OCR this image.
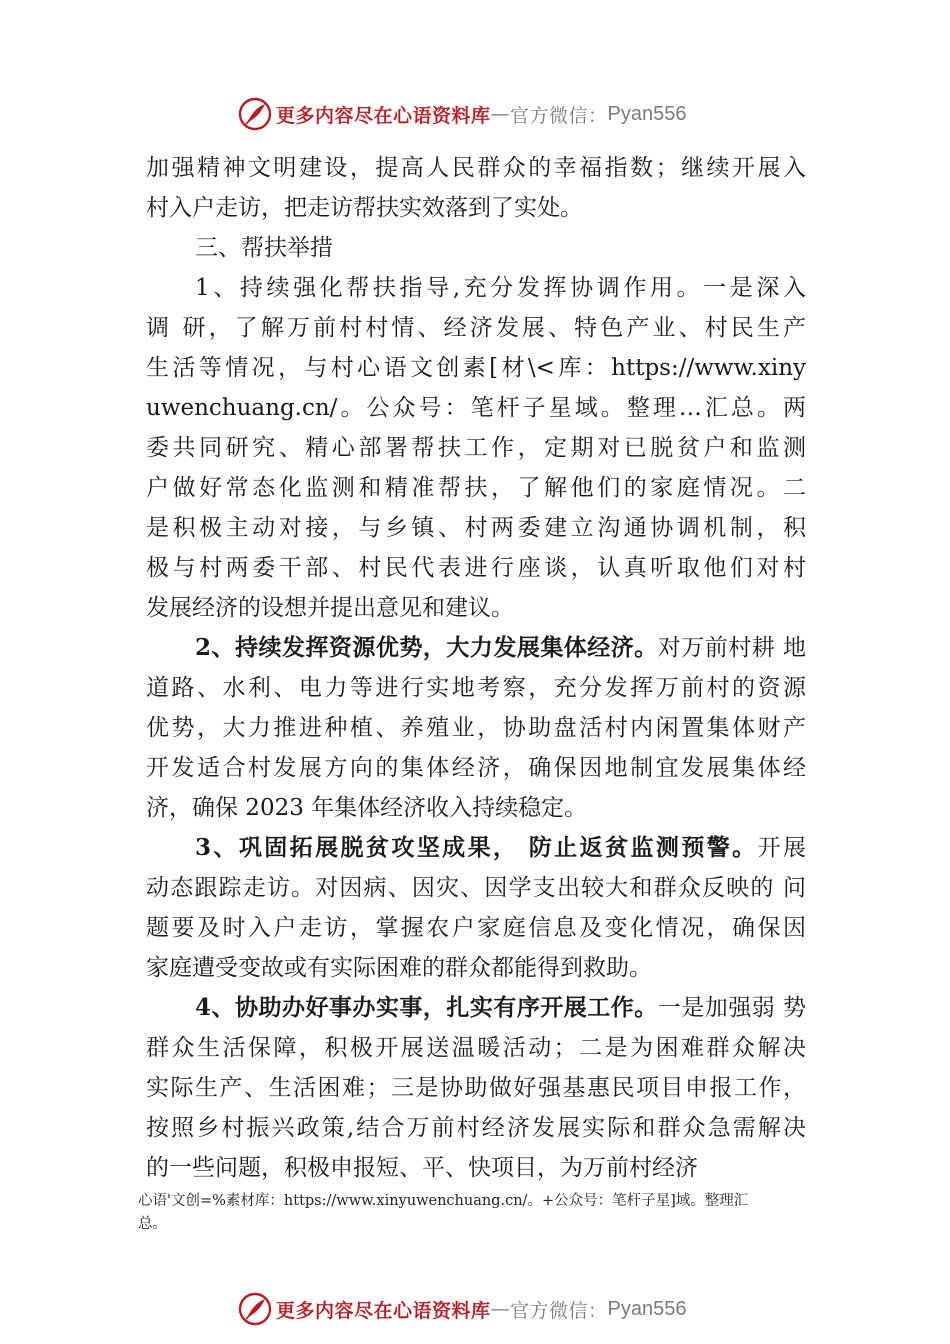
更多内容尽在心语资料库 — 官方微信： Pyan556
加强精神文明建设，提高人民群众的幸福指数；继续开展入
村入户走访，把走访帮扶实效落到了实处。
三、帮扶举措
1、持续强化帮扶指导,充分发挥协调作用。一是深入
调 研，了解万前村村情、经济发展、特色产业、村民生产
生活等情况，与村心语文创素[材\<库：https://www.xiny
uwenchuang.cn/。公众号：笔杆子星域。整理…汇总。两
委共同研究、精心部署帮扶工作，定期对已脱贫户和监测
户做好常态化监测和精准帮扶，了解他们的家庭情况。二
是积极主动对接，与乡镇、村两委建立沟通协调机制，积
极与村两委干部、村民代表进行座谈，认真听取他们对村
发展经济的设想并提出意见和建议。
2、持续发挥资源优势，大力发展集体经济。对万前村耕 地
道路、水利、电力等进行实地考察，充分发挥万前村的资源
优势，大力推进种植、养殖业，协助盘活村内闲置集体财产
开发适合村发展方向的集体经济，确保因地制宜发展集体经
济，确保 2023 年集体经济收入持续稳定。
3、巩固拓展脱贫攻坚成果， 防止返贫监测预警。开展
动态跟踪走访。对因病、因灾、因学支出较大和群众反映的 问
题要及时入户走访，掌握农户家庭信息及变化情况，确保因
家庭遭受变故或有实际困难的群众都能得到救助。
4、协助办好事办实事，扎实有序开展工作。一是加强弱 势
群众生活保障，积极开展送温暖活动；二是为困难群众解决
实际生产、生活困难；三是协助做好强基惠民项目申报工作，
按照乡村振兴政策,结合万前村经济发展实际和群众急需解决
的一些问题，积极申报短、平、快项目，为万前村经济
心语'文创=%素材库：https://www.xinyuwenchuang.cn/。+公众号：笔杆子星]域。整理汇
总。
更多内容尽在心语资料库 — 官方微信： Pyan556
